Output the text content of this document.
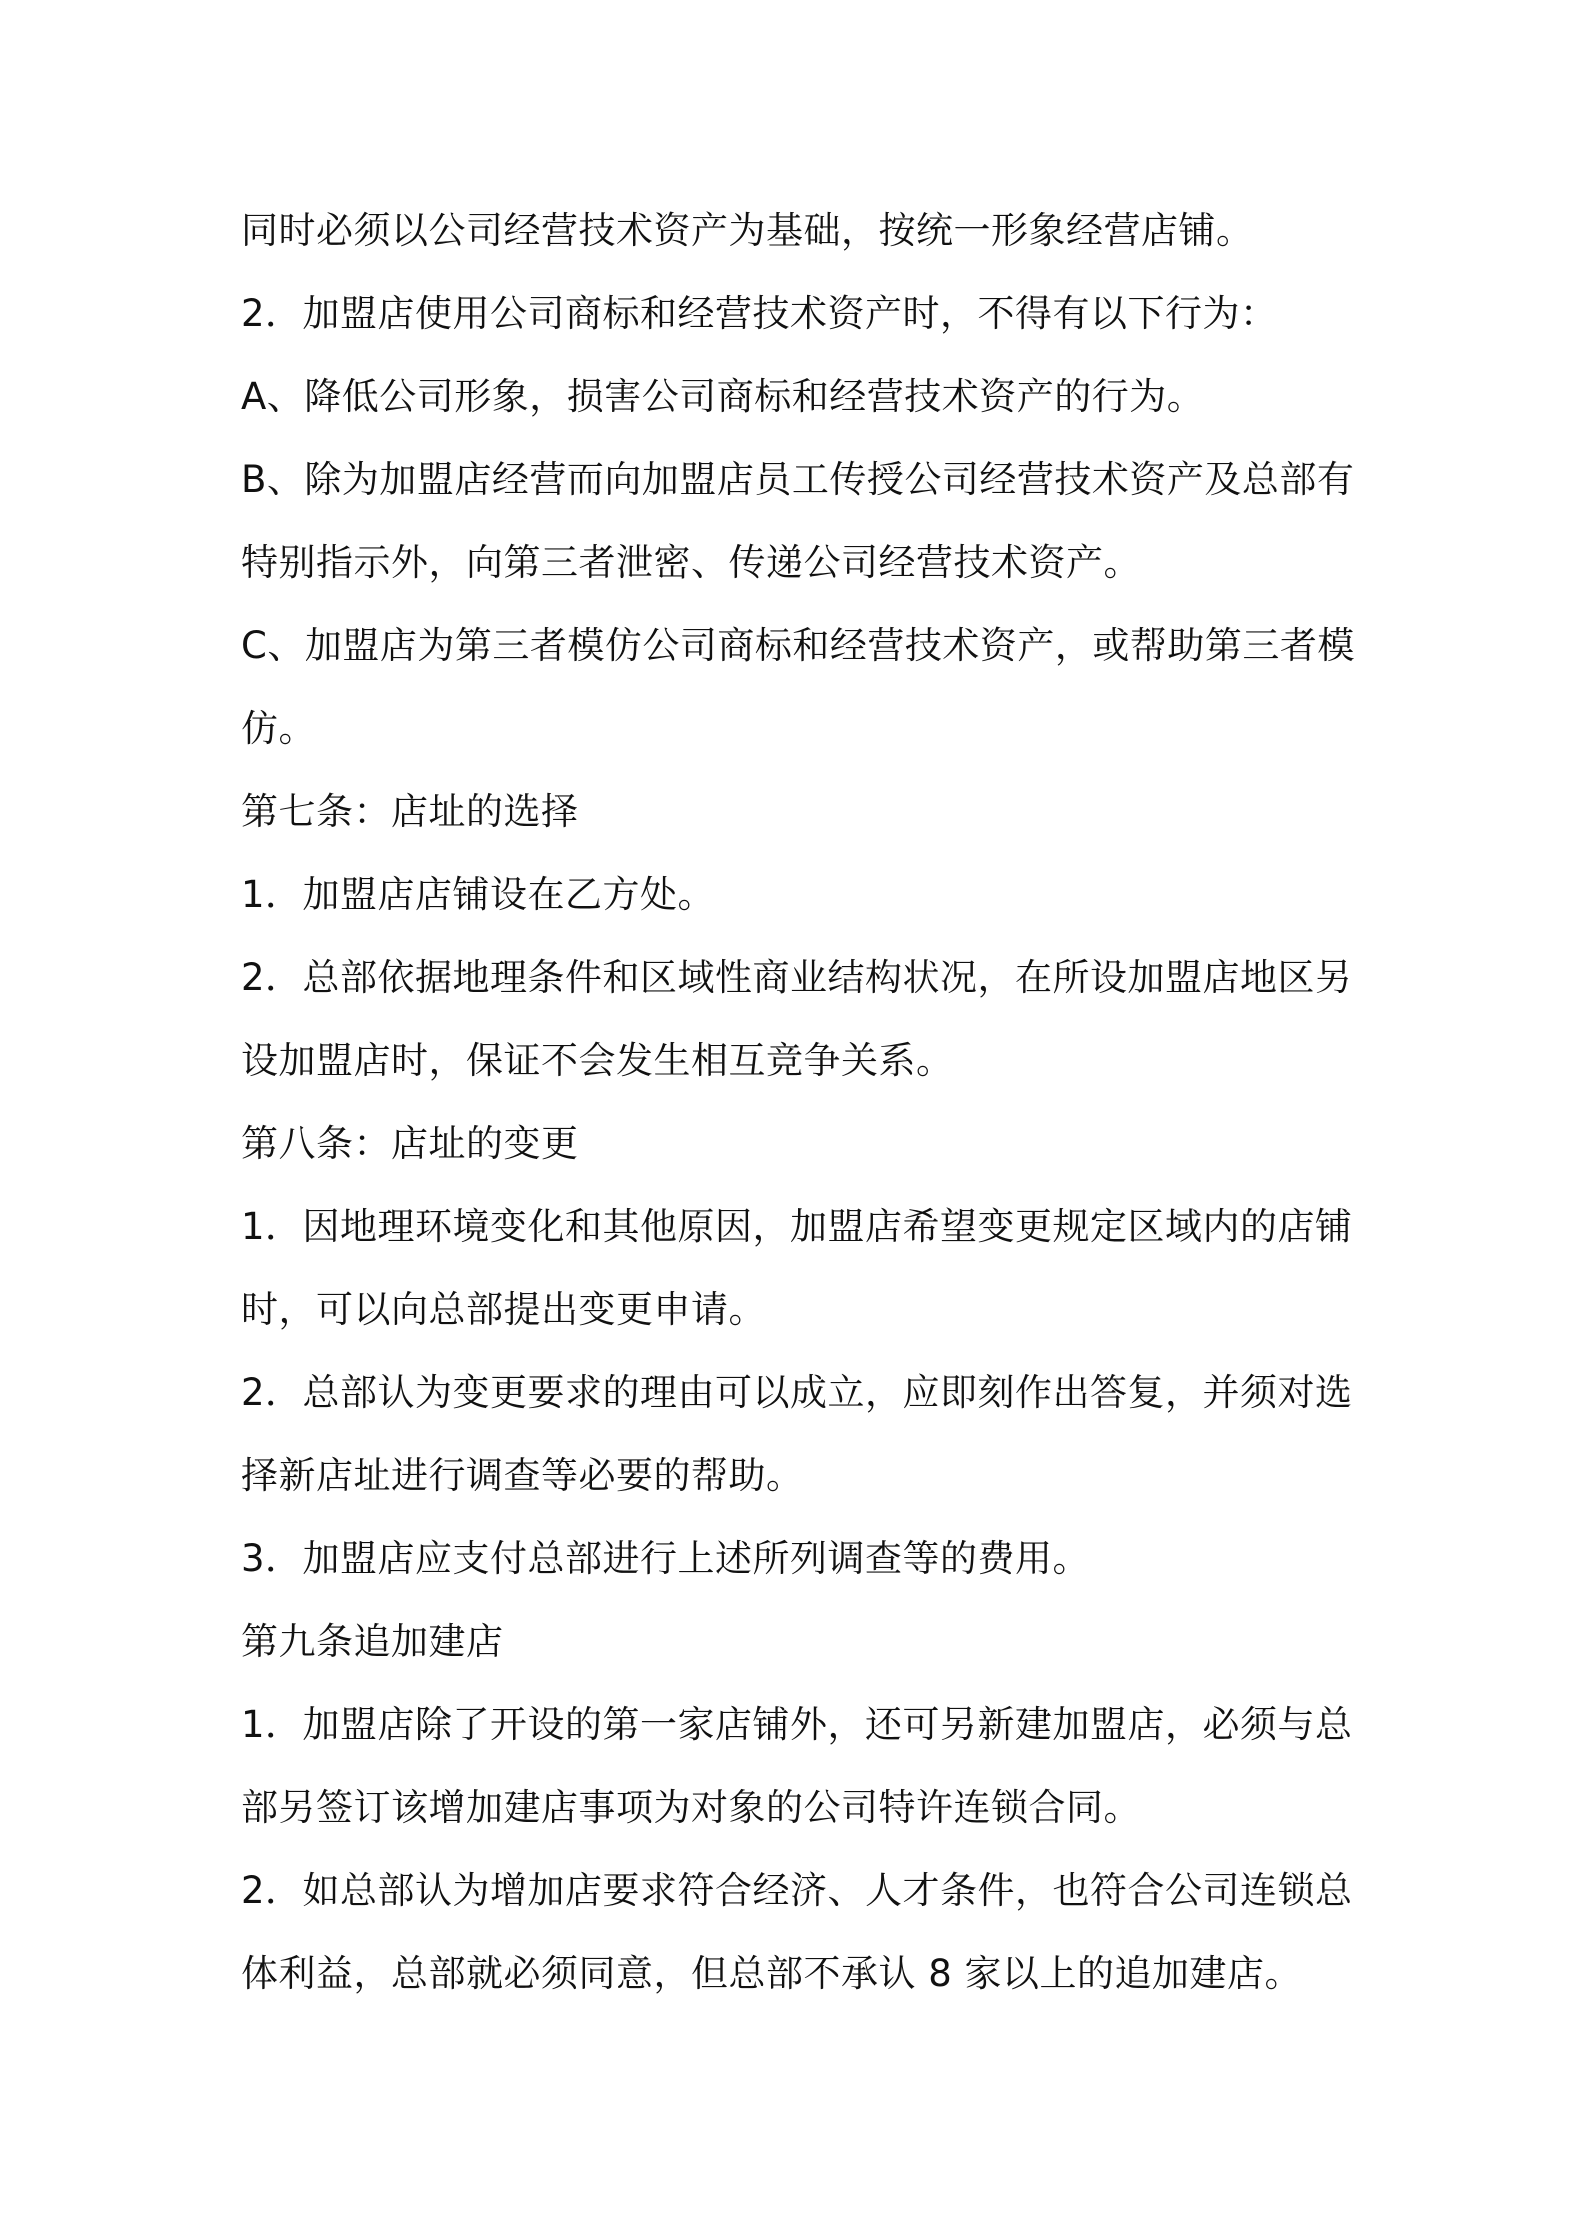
同时必须以公司经营技术资产为基础，按统一形象经营店铺。
2．加盟店使用公司商标和经营技术资产时，不得有以下行为：
A、降低公司形象，损害公司商标和经营技术资产的行为。
B、除为加盟店经营而向加盟店员工传授公司经营技术资产及总部有
特别指示外，向第三者泄密、传递公司经营技术资产。
C、加盟店为第三者模仿公司商标和经营技术资产，或帮助第三者模
仿。
第七条：店址的选择
1．加盟店店铺设在乙方处。
2．总部依据地理条件和区域性商业结构状况，在所设加盟店地区另
设加盟店时，保证不会发生相互竞争关系。
第八条：店址的变更
1．因地理环境变化和其他原因，加盟店希望变更规定区域内的店铺
时，可以向总部提出变更申请。
2．总部认为变更要求的理由可以成立，应即刻作出答复，并须对选
择新店址进行调查等必要的帮助。
3．加盟店应支付总部进行上述所列调查等的费用。
第九条追加建店
1．加盟店除了开设的第一家店铺外，还可另新建加盟店，必须与总
部另签订该增加建店事项为对象的公司特许连锁合同。
2．如总部认为增加店要求符合经济、人才条件，也符合公司连锁总
体利益，总部就必须同意，但总部不承认 8 家以上的追加建店。
